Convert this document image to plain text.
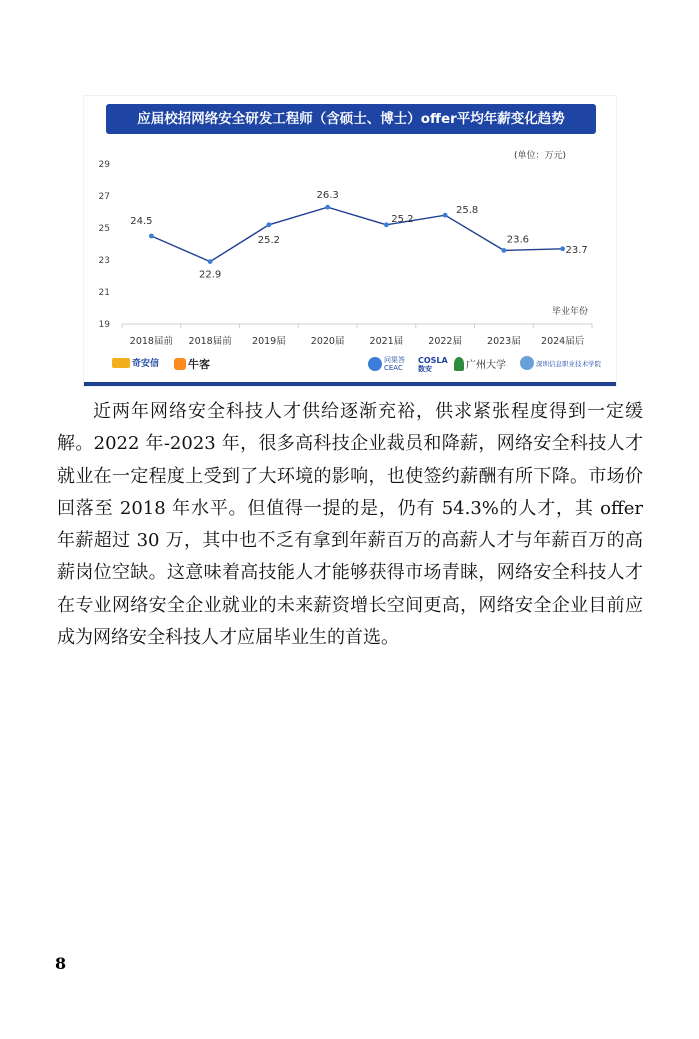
应届校招网络安全研发工程师（含硕士、博士）offer平均年薪变化趋势
(单位：万元)
19
21
23
25
27
29
2018届前 2018届前 2019届	2020届	2021届	2022届	2023届 2024届后
毕业年份
24.5
22.9
25.2
26.3
25.2
25.8
23.6
23.7
奇安信	牛客	问渠答
CEAC
COSLA
数安	广州大学	深圳信息职业技术学院

近两年网络安全科技人才供给逐渐充裕，供求紧张程度得到一定缓解。2022 年-2023 年，很多高科技企业裁员和降薪，网络安全科技人才就业在一定程度上受到了大环境的影响，也使签约薪酬有所下降。市场价回落至 2018 年水平。但值得一提的是，仍有 54.3%的人才，其 offer 年薪超过 30 万，其中也不乏有拿到年薪百万的高薪人才与年薪百万的高薪岗位空缺。这意味着高技能人才能够获得市场青睐，网络安全科技人才在专业网络安全企业就业的未来薪资增长空间更高，网络安全企业目前应成为网络安全科技人才应届毕业生的首选。

8
